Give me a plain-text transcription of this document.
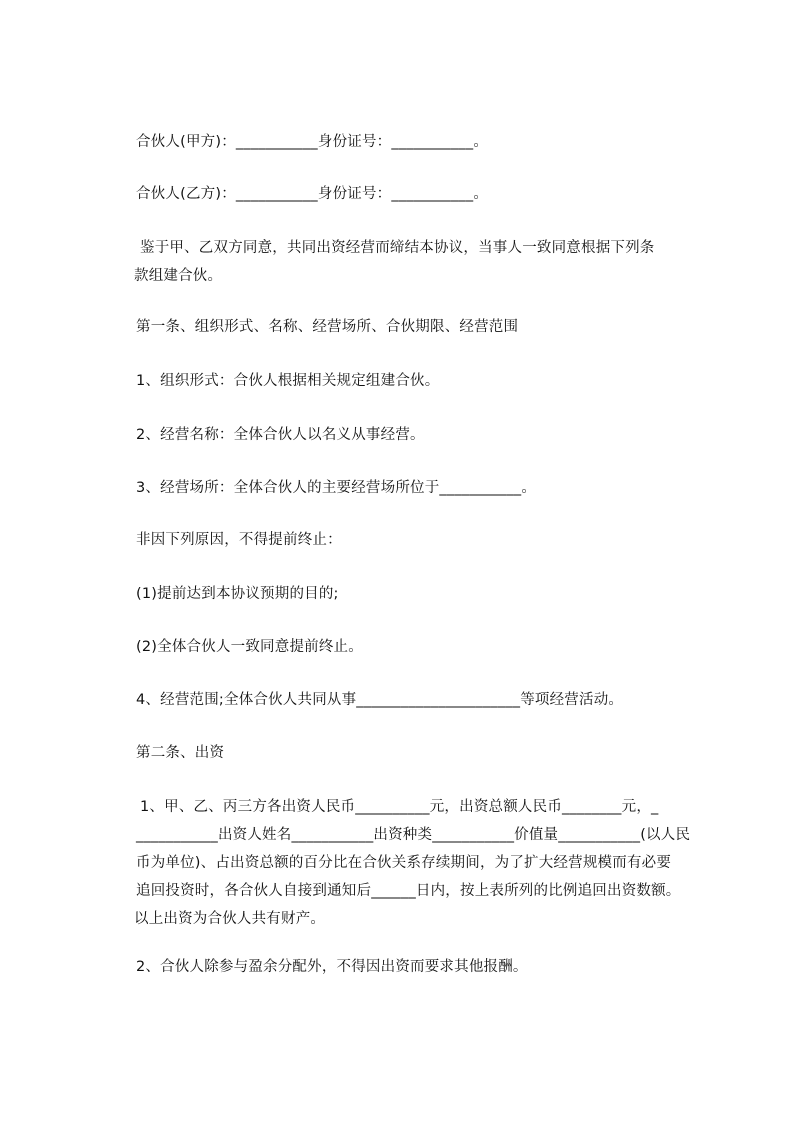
合伙人(甲方)：___________身份证号：___________。
合伙人(乙方)：___________身份证号：___________。
鉴于甲、乙双方同意，共同出资经营而缔结本协议，当事人一致同意根据下列条
款组建合伙。
第一条、组织形式、名称、经营场所、合伙期限、经营范围
1、组织形式：合伙人根据相关规定组建合伙。
2、经营名称：全体合伙人以名义从事经营。
3、经营场所：全体合伙人的主要经营场所位于___________。
非因下列原因，不得提前终止：
(1)提前达到本协议预期的目的;
(2)全体合伙人一致同意提前终止。
4、经营范围;全体合伙人共同从事______________________等项经营活动。
第二条、出资
1、甲、乙、丙三方各出资人民币__________元，出资总额人民币________元，_
___________出资人姓名___________出资种类___________价值量___________(以人民
币为单位)、占出资总额的百分比在合伙关系存续期间，为了扩大经营规模而有必要
追回投资时，各合伙人自接到通知后______日内，按上表所列的比例追回出资数额。
以上出资为合伙人共有财产。
2、合伙人除参与盈余分配外，不得因出资而要求其他报酬。
